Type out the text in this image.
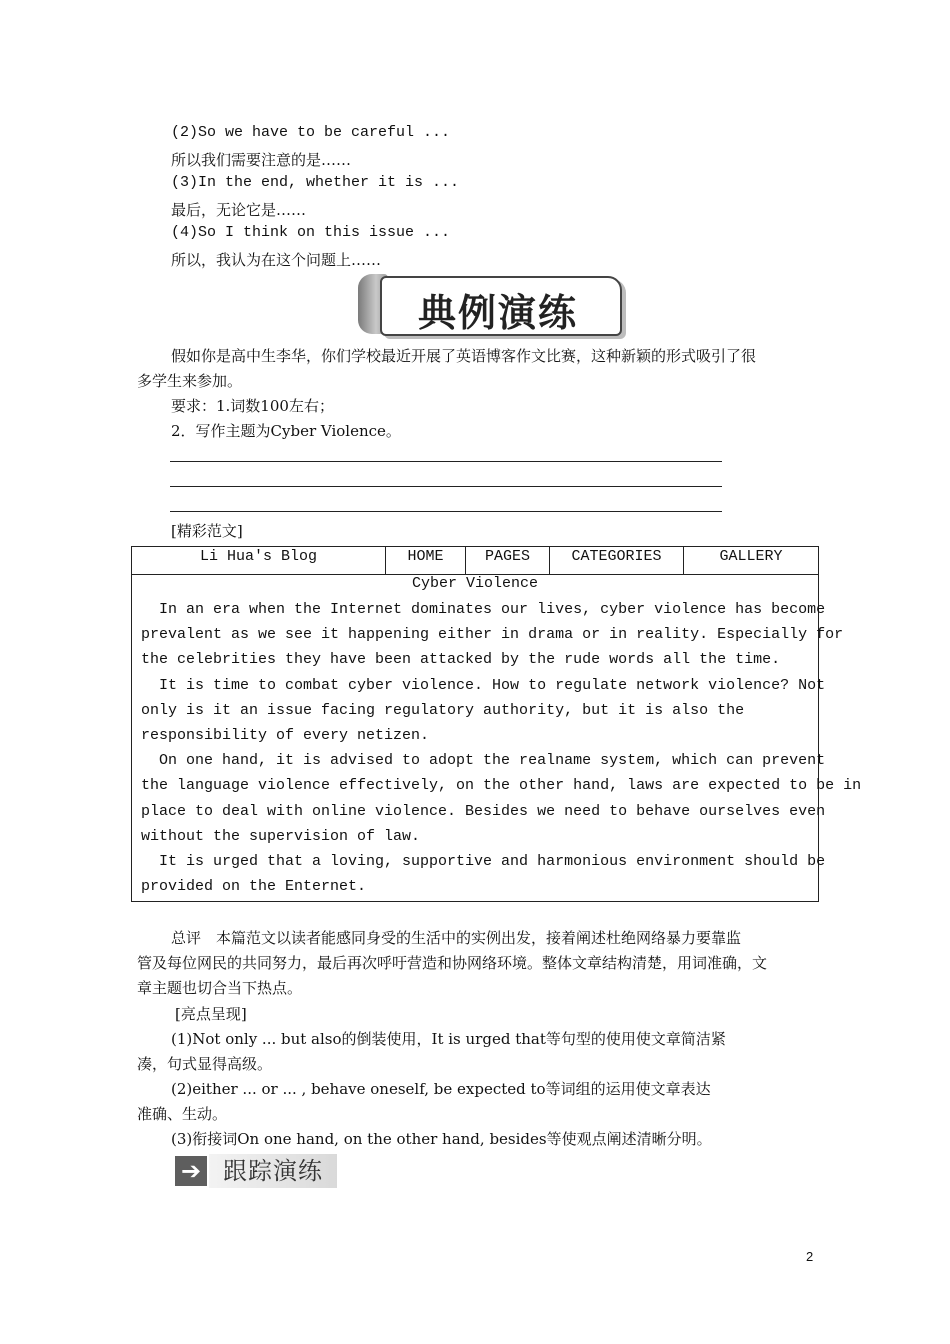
(2)So we have to be careful ...
所以我们需要注意的是……
(3)In the end, whether it is ...
最后，无论它是……
(4)So I think on this issue ...
所以，我认为在这个问题上……
典例演练
假如你是高中生李华，你们学校最近开展了英语博客作文比赛，这种新颖的形式吸引了很
多学生来参加。
要求：1.词数100左右；
2．写作主题为Cyber Violence。
[精彩范文]
Li Hua's Blog	HOME	PAGES	CATEGORIES	GALLERY
Cyber Violence

In an era when the Internet dominates our lives, cyber violence has become

prevalent as we see it happening either in drama or in reality. Especially for

the celebrities they have been attacked by the rude words all the time.

It is time to combat cyber violence. How to regulate network violence? Not

only is it an issue facing regulatory authority, but it is also the

responsibility of every netizen.

On one hand, it is advised to adopt the realname system, which can prevent

the language violence effectively, on the other hand, laws are expected to be in

place to deal with online violence. Besides we need to behave ourselves even

without the supervision of law.

It is urged that a loving, supportive and harmonious environment should be

provided on the Enternet.

总评　本篇范文以读者能感同身受的生活中的实例出发，接着阐述杜绝网络暴力要靠监
管及每位网民的共同努力，最后再次呼吁营造和协网络环境。整体文章结构清楚，用词准确，文
章主题也切合当下热点。
[亮点呈现]
(1)Not only ... but also的倒装使用，It is urged that等句型的使用使文章简洁紧
凑，句式显得高级。
(2)either ... or ... , behave oneself, be expected to等词组的运用使文章表达
准确、生动。
(3)衔接词On one hand, on the other hand, besides等使观点阐述清晰分明。
➔ 跟踪演练
2
